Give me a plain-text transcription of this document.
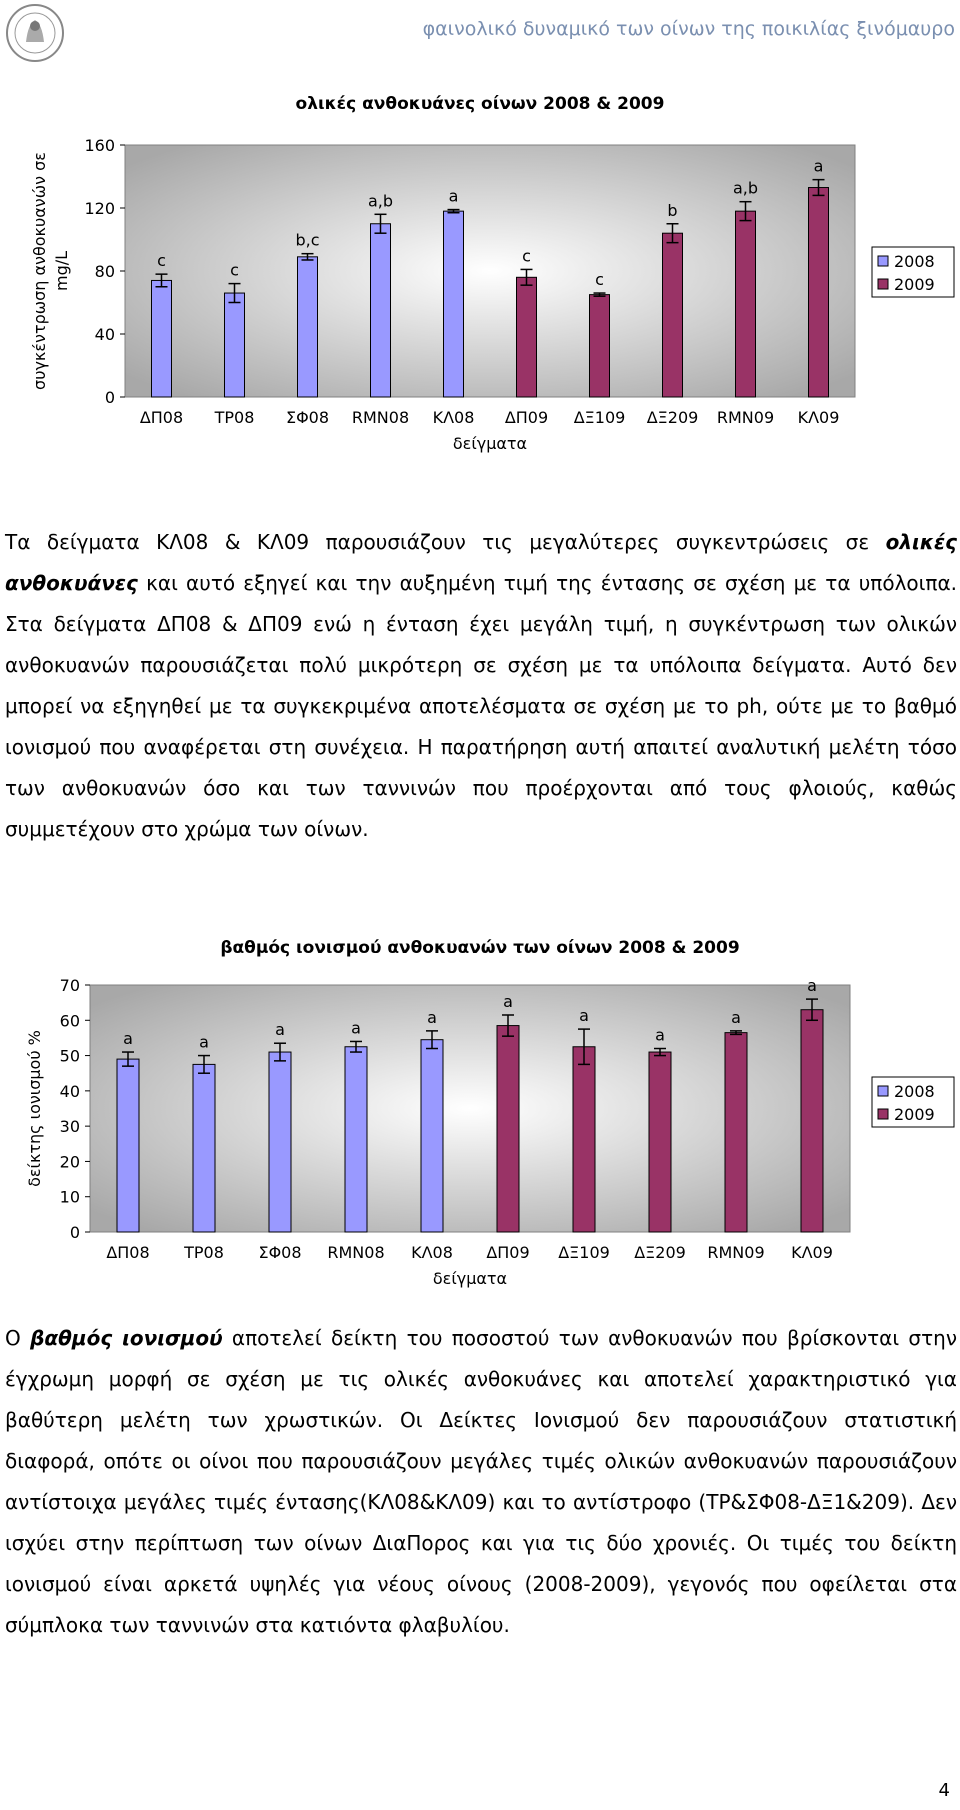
φαινολικό δυναμικό των οίνων της ποικιλίας ξινόμαυρο
ολικές ανθοκυάνες οίνων 2008 & 2009
0
40
80
120
160
συγκέντρωση ανθοκυανών σε mg/L	c
ΔΠ08
c
ΤΡ08
b,c
ΣΦ08
a,b
RMN08
a
ΚΛ08
c
ΔΠ09
c
ΔΞ109
b
ΔΞ209
a,b
RMN09
a
ΚΛ09
δείγματα
2008
2009
Τα δείγματα ΚΛ08 & ΚΛ09 παρουσιάζουν τις μεγαλύτερες συγκεντρώσεις σε ολικές ανθοκυάνες και αυτό εξηγεί και την αυξημένη τιμή της έντασης σε σχέση με τα υπόλοιπα. Στα δείγματα ΔΠ08 & ΔΠ09 ενώ η ένταση έχει μεγάλη τιμή, η συγκέντρωση των ολικών ανθοκυανών παρουσιάζεται πολύ μικρότερη σε σχέση με τα υπόλοιπα δείγματα. Αυτό δεν μπορεί να εξηγηθεί με τα συγκεκριμένα αποτελέσματα σε σχέση με το ph, ούτε με το βαθμό ιονισμού που αναφέρεται στη συνέχεια. Η παρατήρηση αυτή απαιτεί αναλυτική μελέτη τόσο των ανθοκυανών όσο και των ταννινών που προέρχονται από τους φλοιούς, καθώς συμμετέχουν στο χρώμα των οίνων.
βαθμός ιονισμού ανθοκυανών των οίνων 2008 & 2009
0
10
20
30
40
50
60
70
δείκτης ιονισμού %	a
ΔΠ08
a
ΤΡ08
a
ΣΦ08
a
RMN08
a
ΚΛ08
a
ΔΠ09
a
ΔΞ109
a
ΔΞ209
a
RMN09
a
ΚΛ09
δείγματα
2008
2009
Ο βαθμός ιονισμού αποτελεί δείκτη του ποσοστού των ανθοκυανών που βρίσκονται στην έγχρωμη μορφή σε σχέση με τις ολικές ανθοκυάνες και αποτελεί χαρακτηριστικό για βαθύτερη μελέτη των χρωστικών. Οι Δείκτες Ιονισμού δεν παρουσιάζουν στατιστική διαφορά, οπότε οι οίνοι που παρουσιάζουν μεγάλες τιμές ολικών ανθοκυανών παρουσιάζουν αντίστοιχα μεγάλες τιμές έντασης(ΚΛ08&ΚΛ09) και το αντίστροφο (ΤΡ&ΣΦ08-ΔΞ1&209). Δεν ισχύει στην περίπτωση των οίνων ΔιαΠορος και για τις δύο χρονιές. Οι τιμές του δείκτη ιονισμού είναι αρκετά υψηλές για νέους οίνους (2008-2009), γεγονός που οφείλεται στα σύμπλοκα των ταννινών στα κατιόντα φλαβυλίου.
4
